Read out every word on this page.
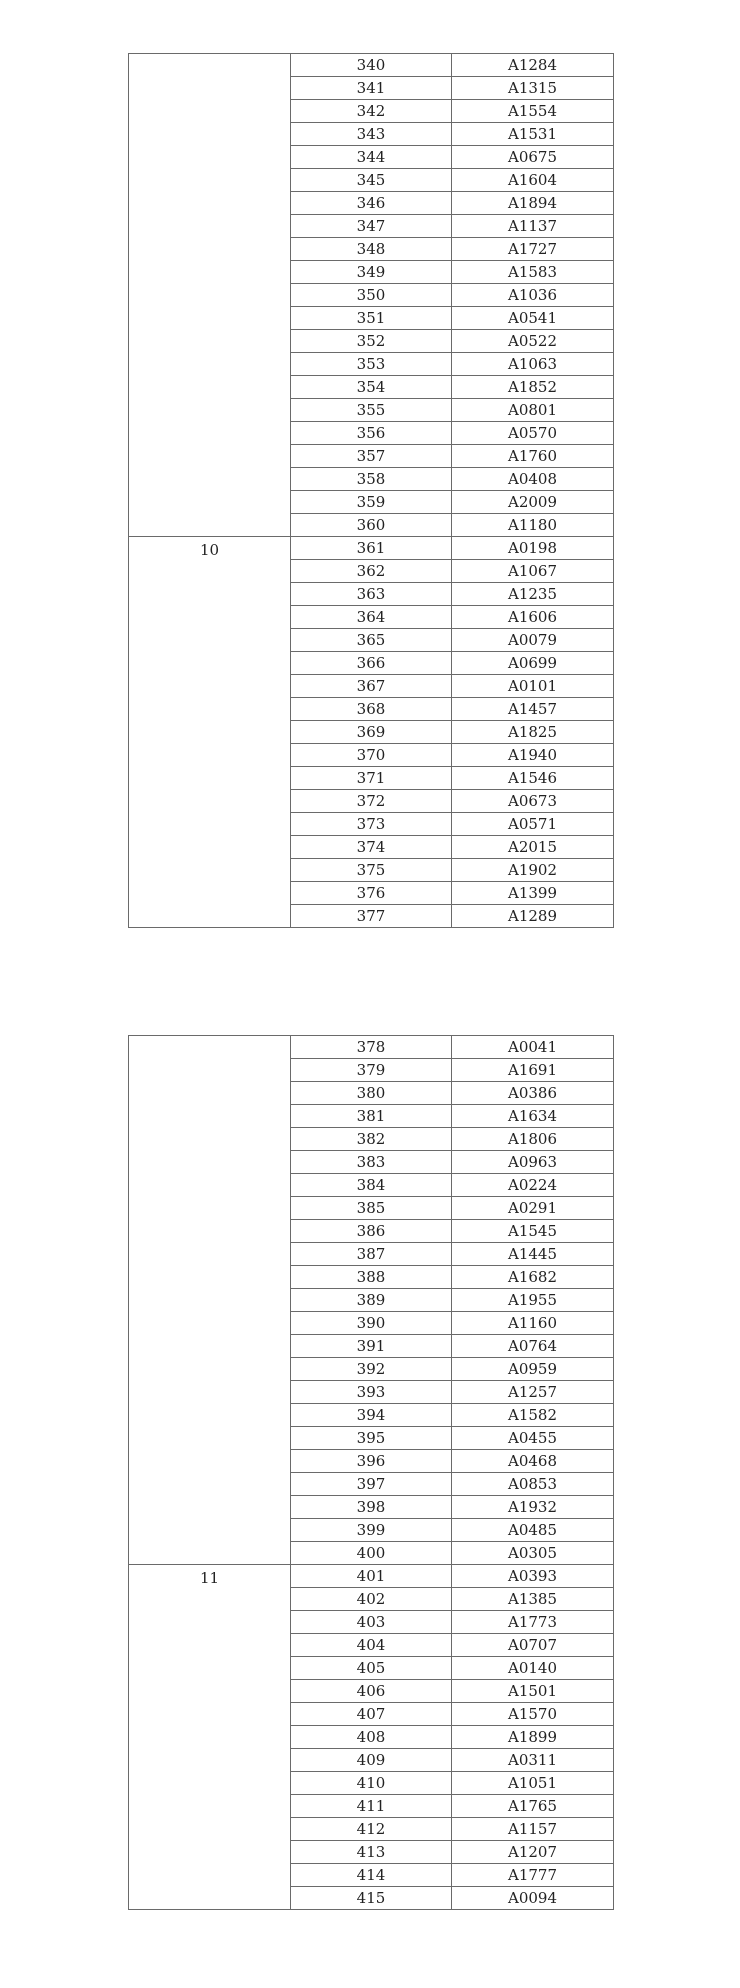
	340	A1284
	341	A1315
	342	A1554
	343	A1531
	344	A0675
	345	A1604
	346	A1894
	347	A1137
	348	A1727
	349	A1583
	350	A1036
	351	A0541
	352	A0522
	353	A1063
	354	A1852
	355	A0801
	356	A0570
	357	A1760
	358	A0408
	359	A2009
	360	A1180
10	361	A0198
	362	A1067
	363	A1235
	364	A1606
	365	A0079
	366	A0699
	367	A0101
	368	A1457
	369	A1825
	370	A1940
	371	A1546
	372	A0673
	373	A0571
	374	A2015
	375	A1902
	376	A1399
	377	A1289
	378	A0041
	379	A1691
	380	A0386
	381	A1634
	382	A1806
	383	A0963
	384	A0224
	385	A0291
	386	A1545
	387	A1445
	388	A1682
	389	A1955
	390	A1160
	391	A0764
	392	A0959
	393	A1257
	394	A1582
	395	A0455
	396	A0468
	397	A0853
	398	A1932
	399	A0485
	400	A0305
11	401	A0393
	402	A1385
	403	A1773
	404	A0707
	405	A0140
	406	A1501
	407	A1570
	408	A1899
	409	A0311
	410	A1051
	411	A1765
	412	A1157
	413	A1207
	414	A1777
	415	A0094
